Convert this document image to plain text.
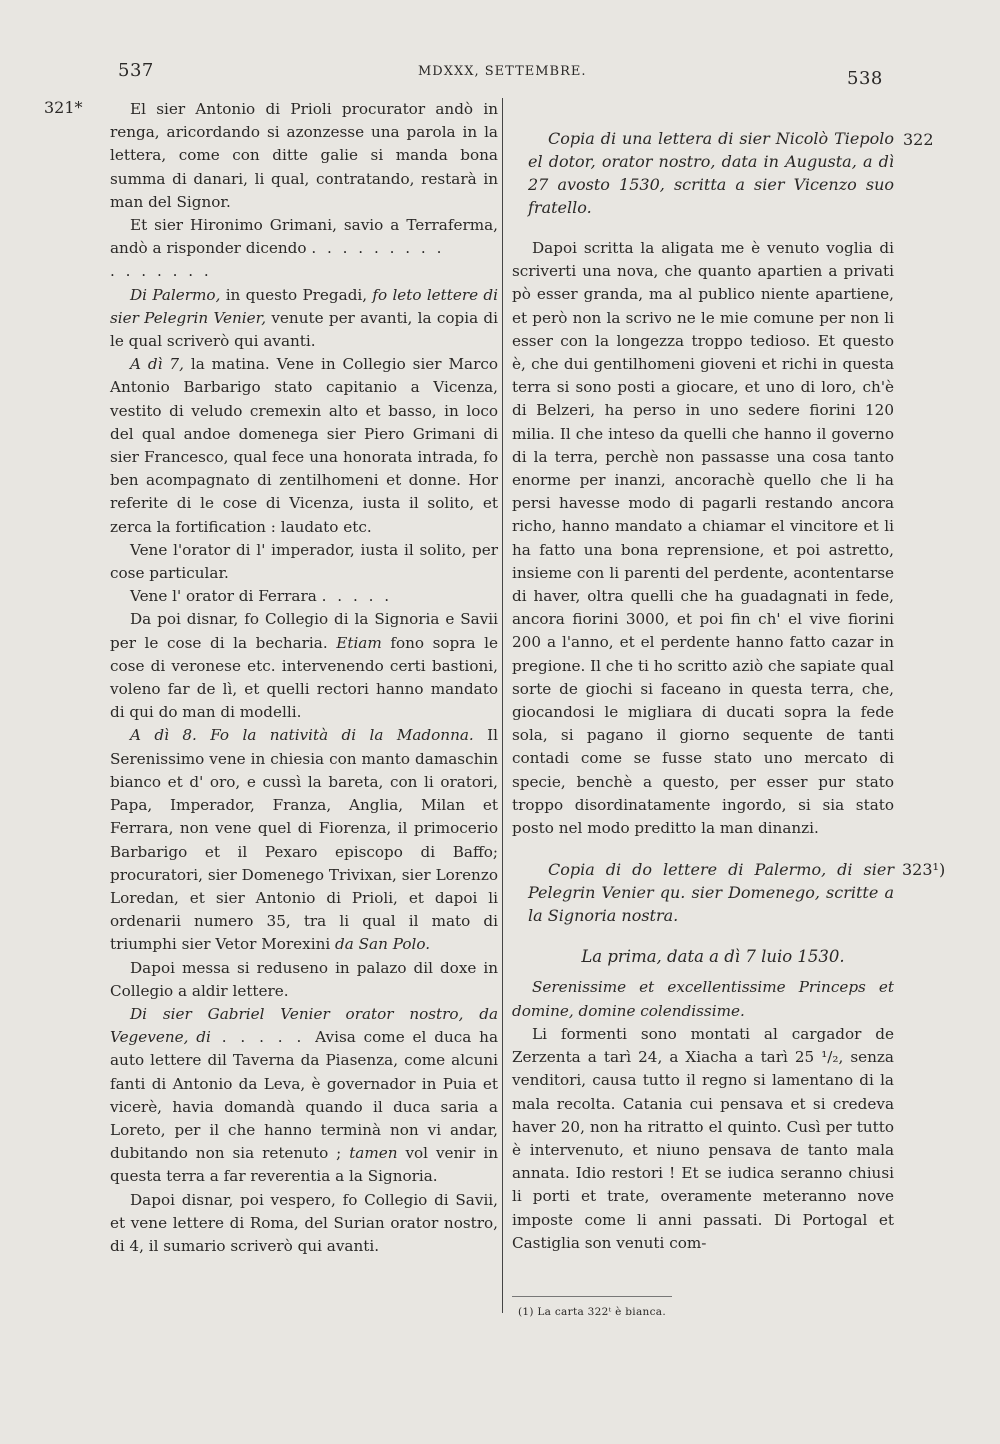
537	MDXXX, SETTEMBRE.	538
321*
322
323¹)

El sier Antonio di Prioli procurator andò in renga, aricordando si azonzesse una parola in la lettera, come con ditte galie si manda bona summa di danari, li qual, contratando, restarà in man del Signor.

Et sier Hironimo Grimani, savio a Terraferma, andò a risponder dicendo . . . . . . . . .

. . . . . . .

Di Palermo, in questo Pregadi, fo leto lettere di sier Pelegrin Venier, venute per avanti, la copia di le qual scriverò qui avanti.

A dì 7, la matina. Vene in Collegio sier Marco Antonio Barbarigo stato capitanio a Vicenza, vestito di veludo cremexin alto et basso, in loco del qual andoe domenega sier Piero Grimani di sier Francesco, qual fece una honorata intrada, fo ben acompagnato di zentilhomeni et donne. Hor referite di le cose di Vicenza, iusta il solito, et zerca la fortification : laudato etc.

Vene l'orator di l' imperador, iusta il solito, per cose particular.

Vene l' orator di Ferrara . . . . .

Da poi disnar, fo Collegio di la Signoria e Savii per le cose di la becharia. Etiam fono sopra le cose di veronese etc. intervenendo certi bastioni, voleno far de lì, et quelli rectori hanno mandato di qui do man di modelli.

A dì 8. Fo la natività di la Madonna. Il Serenissimo vene in chiesia con manto damaschin bianco et d' oro, e cussì la bareta, con li oratori, Papa, Imperador, Franza, Anglia, Milan et Ferrara, non vene quel di Fiorenza, il primocerio Barbarigo et il Pexaro episcopo di Baffo; procuratori, sier Domenego Trivixan, sier Lorenzo Loredan, et sier Antonio di Prioli, et dapoi li ordenarii numero 35, tra li qual il mato di triumphi sier Vetor Morexini da San Polo.

Dapoi messa si reduseno in palazo dil doxe in Collegio a aldir lettere.

Di sier Gabriel Venier orator nostro, da Vegevene, di . . . . . Avisa come el duca ha auto lettere dil Taverna da Piasenza, come alcuni fanti di Antonio da Leva, è governador in Puia et vicerè, havia domandà quando il duca saria a Loreto, per il che hanno terminà non vi andar, dubitando non sia retenuto ; tamen vol venir in questa terra a far reverentia a la Signoria.

Dapoi disnar, poi vespero, fo Collegio di Savii, et vene lettere di Roma, del Surian orator nostro, di 4, il sumario scriverò qui avanti.

Copia di una lettera di sier Nicolò Tiepolo el dotor, orator nostro, data in Augusta, a dì 27 avosto 1530, scritta a sier Vicenzo suo fratello.

Dapoi scritta la aligata me è venuto voglia di scriverti una nova, che quanto apartien a privati pò esser granda, ma al publico niente apartiene, et però non la scrivo ne le mie comune per non li esser con la longezza troppo tedioso. Et questo è, che dui gentilhomeni gioveni et richi in questa terra si sono posti a giocare, et uno di loro, ch'è di Belzeri, ha perso in uno sedere fiorini 120 milia. Il che inteso da quelli che hanno il governo di la terra, perchè non passasse una cosa tanto enorme per inanzi, ancorachè quello che li ha persi havesse modo di pagarli restando ancora richo, hanno mandato a chiamar el vincitore et li ha fatto una bona reprensione, et poi astretto, insieme con li parenti del perdente, acontentarse di haver, oltra quelli che ha guadagnati in fede, ancora fiorini 3000, et poi fin ch' el vive fiorini 200 a l'anno, et el perdente hanno fatto cazar in pregione. Il che ti ho scritto aziò che sapiate qual sorte de giochi si faceano in questa terra, che, giocandosi le migliara di ducati sopra la fede sola, si pagano il giorno sequente de tanti contadi come se fusse stato uno mercato di specie, benchè a questo, per esser pur stato troppo disordinatamente ingordo, si sia stato posto nel modo preditto la man dinanzi.

Copia di do lettere di Palermo, di sier Pelegrin Venier qu. sier Domenego, scritte a la Signoria nostra.

La prima, data a dì 7 luio 1530.

Serenissime et excellentissime Princeps et domine, domine colendissime.

Li formenti sono montati al cargador de Zerzenta a tarì 24, a Xiacha a tarì 25 ¹/₂, senza venditori, causa tutto il regno si lamentano di la mala recolta. Catania cui pensava et si credeva haver 20, non ha ritratto el quinto. Cusì per tutto è intervenuto, et niuno pensava de tanto mala annata. Idio restori ! Et se iudica seranno chiusi li porti et trate, overamente meteranno nove imposte come li anni passati. Di Portogal et Castiglia son venuti com-

(1) La carta 322ᵗ è bianca.
